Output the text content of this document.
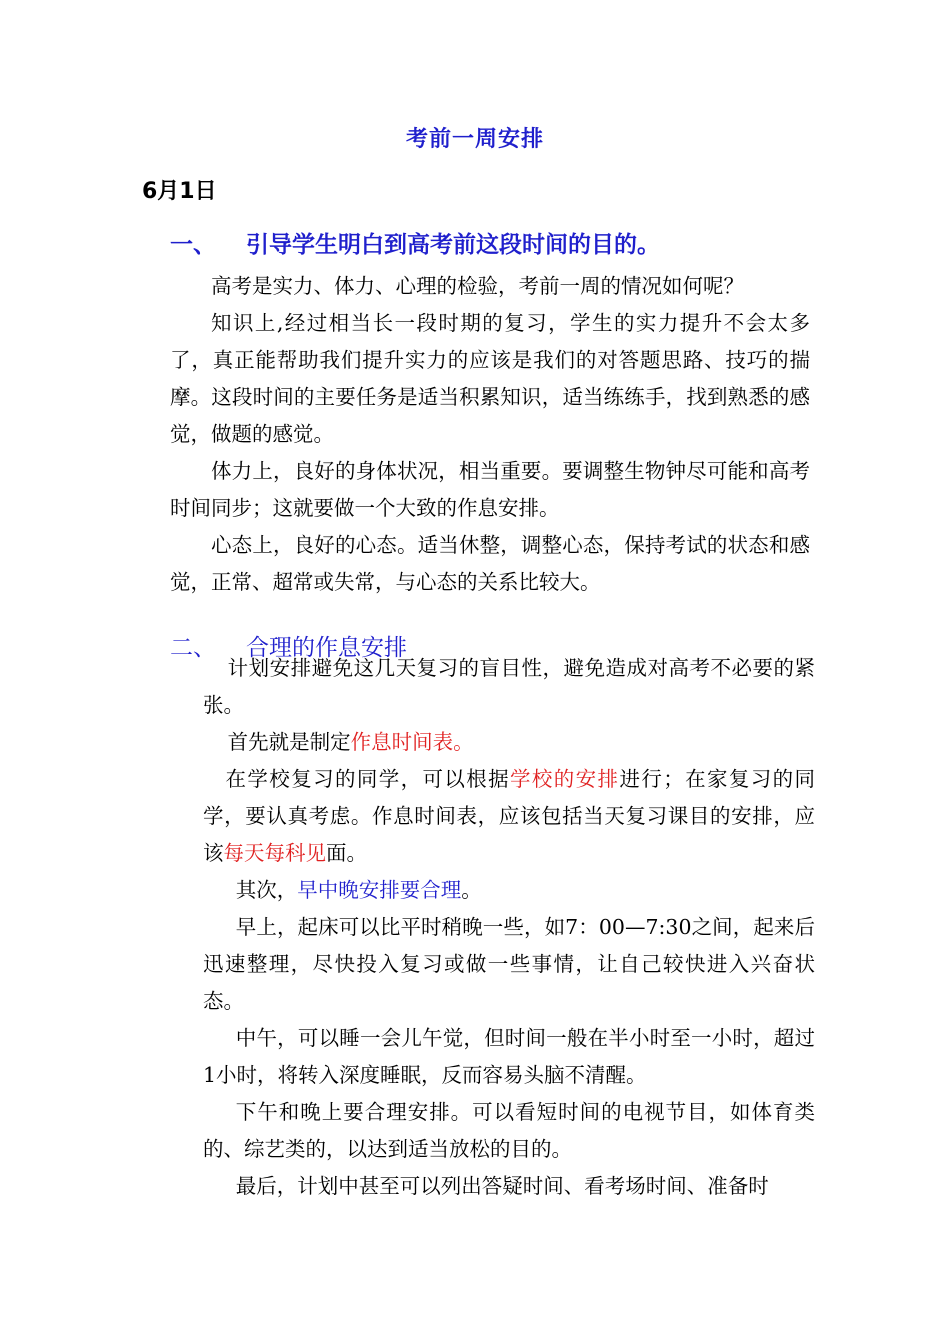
考前一周安排
6月1日
一、 引导学生明白到高考前这段时间的目的。

高考是实力、体力、心理的检验，考前一周的情况如何呢？

知识上,经过相当长一段时期的复习，学生的实力提升不会太多了，真正能帮助我们提升实力的应该是我们的对答题思路、技巧的揣摩。这段时间的主要任务是适当积累知识，适当练练手，找到熟悉的感觉，做题的感觉。

体力上，良好的身体状况，相当重要。要调整生物钟尽可能和高考时间同步；这就要做一个大致的作息安排。

心态上，良好的心态。适当休整，调整心态，保持考试的状态和感觉，正常、超常或失常，与心态的关系比较大。

二、 合理的作息安排

计划安排避免这几天复习的盲目性，避免造成对高考不必要的紧张。

首先就是制定作息时间表。

在学校复习的同学，可以根据学校的安排进行；在家复习的同学，要认真考虑。作息时间表，应该包括当天复习课目的安排，应该每天每科见面。

其次，早中晚安排要合理。

早上，起床可以比平时稍晚一些，如7：00—7:30之间，起来后迅速整理，尽快投入复习或做一些事情，让自己较快进入兴奋状态。

中午，可以睡一会儿午觉，但时间一般在半小时至一小时，超过1小时，将转入深度睡眠，反而容易头脑不清醒。

下午和晚上要合理安排。可以看短时间的电视节目，如体育类的、综艺类的，以达到适当放松的目的。

最后，计划中甚至可以列出答疑时间、看考场时间、准备时
